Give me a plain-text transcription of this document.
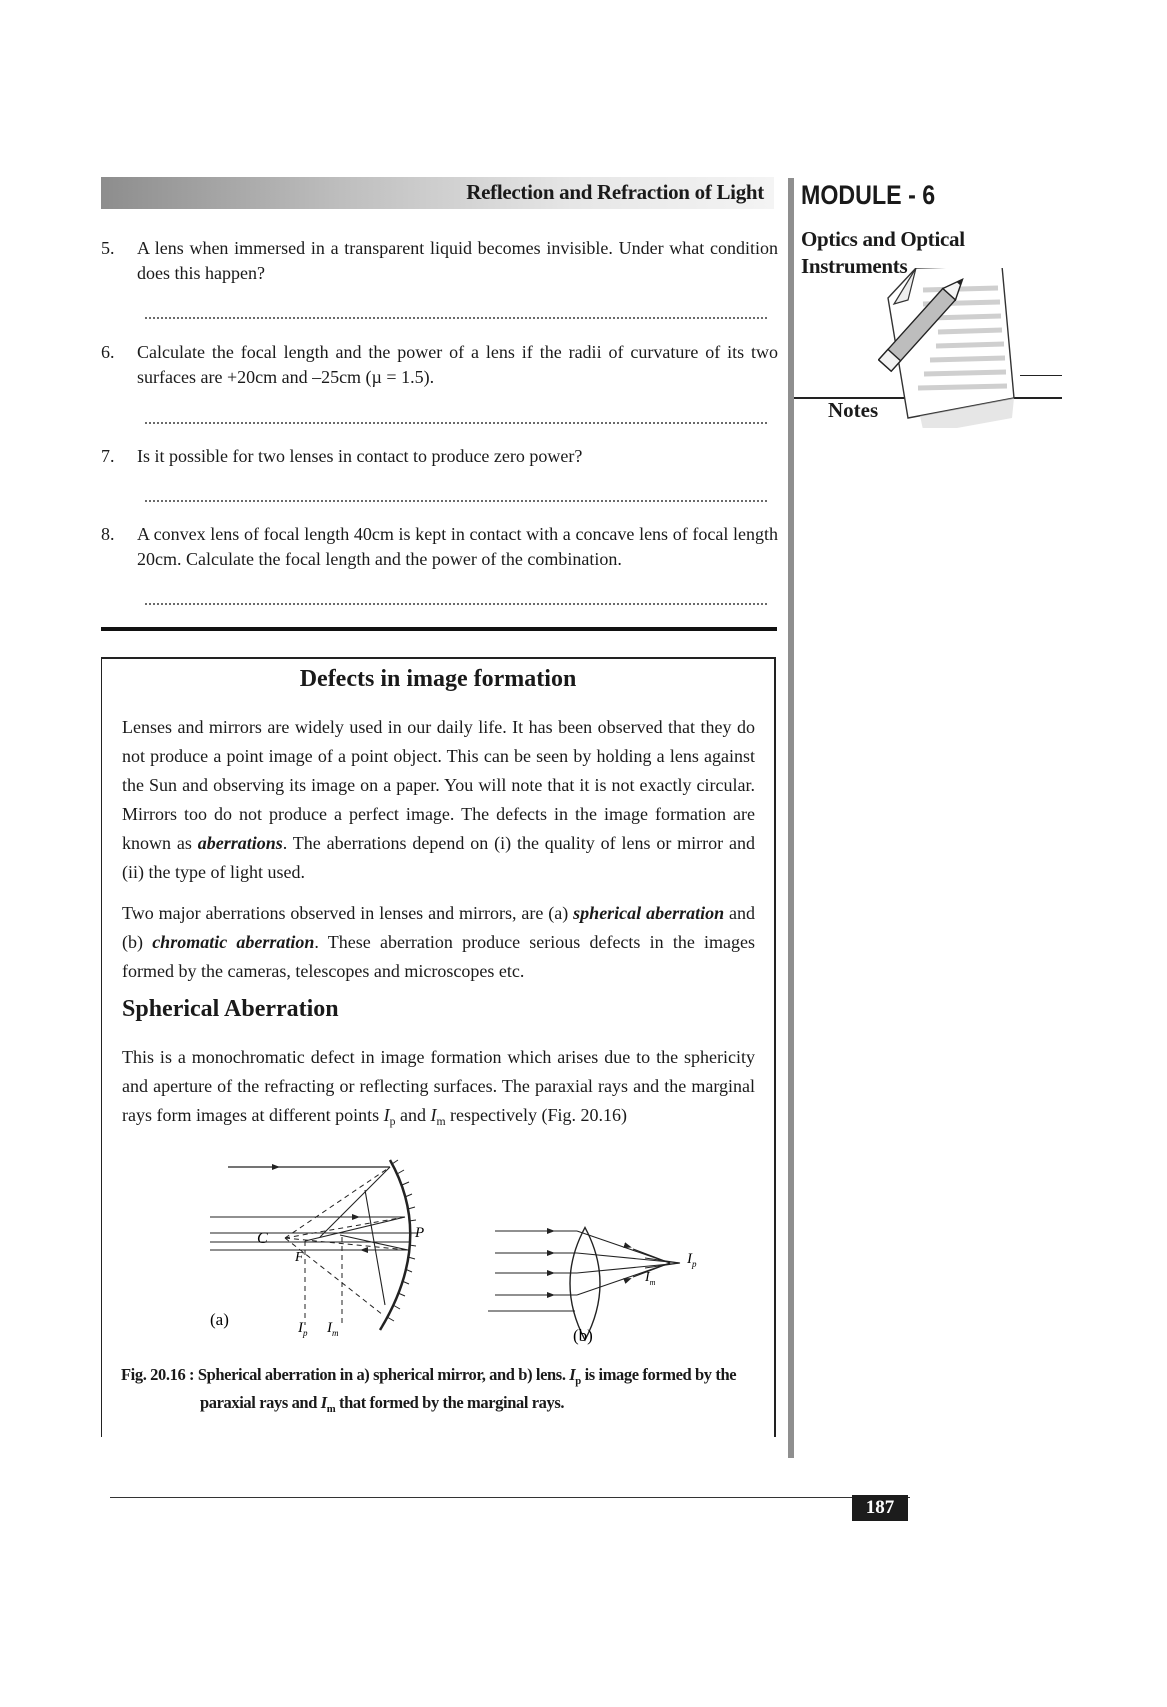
Reflection and Refraction of Light MODULE - 6
Optics and Optical Instruments
Notes
5. A lens when immersed in a transparent liquid becomes invisible. Under what condition does this happen?
6. Calculate the focal length and the power of a lens if the radii of curvature of its two surfaces are +20cm and –25cm (µ = 1.5).
7. Is it possible for two lenses in contact to produce zero power?
8. A convex lens of focal length 40cm is kept in contact with a concave lens of focal length 20cm. Calculate the focal length and the power of the combination.
Defects in image formation
Lenses and mirrors are widely used in our daily life. It has been observed that they do not produce a point image of a point object. This can be seen by holding a lens against the Sun and observing its image on a paper. You will note that it is not exactly circular. Mirrors too do not produce a perfect image. The defects in the image formation are known as aberrations. The aberrations depend on (i) the quality of lens or mirror and (ii) the type of light used.
Two major aberrations observed in lenses and mirrors, are (a) spherical aberration and (b) chromatic aberration. These aberration produce serious defects in the images formed by the cameras, telescopes and microscopes etc.
Spherical Aberration
This is a monochromatic defect in image formation which arises due to the sphericity and aperture of the refracting or reflecting surfaces. The paraxial rays and the marginal rays form images at different points $I_p$ and $I_m$ respectively (Fig. 20.16)
C
F
P
(a)	$I_p$ $I_m$
$I_p$
$I_m$
(b)
Fig. 20.16 : Spherical aberration in a) spherical mirror, and b) lens. $I_p$ is image formed by the
paraxial rays and $I_m$ that formed by the marginal rays.
187
